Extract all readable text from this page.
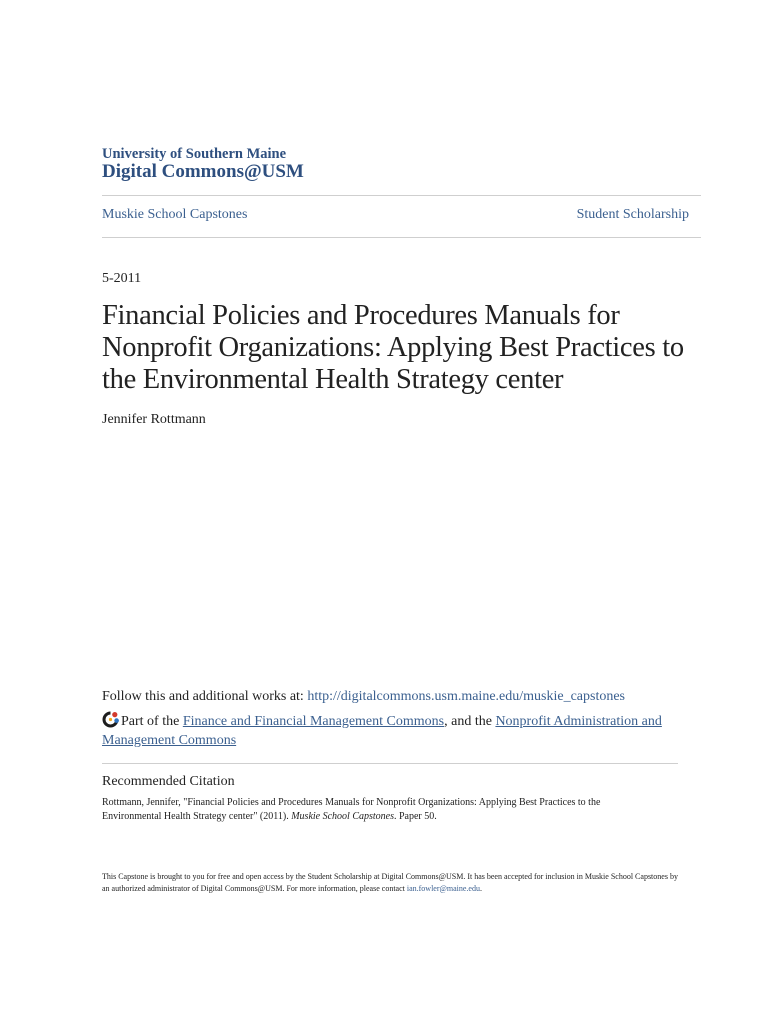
University of Southern Maine
Digital Commons@USM
Muskie School Capstones	Student Scholarship
5-2011
Financial Policies and Procedures Manuals for Nonprofit Organizations: Applying Best Practices to the Environmental Health Strategy center
Jennifer Rottmann
Follow this and additional works at: http://digitalcommons.usm.maine.edu/muskie_capstones
Part of the Finance and Financial Management Commons, and the Nonprofit Administration and Management Commons
Recommended Citation
Rottmann, Jennifer, "Financial Policies and Procedures Manuals for Nonprofit Organizations: Applying Best Practices to the Environmental Health Strategy center" (2011). Muskie School Capstones. Paper 50.
This Capstone is brought to you for free and open access by the Student Scholarship at Digital Commons@USM. It has been accepted for inclusion in Muskie School Capstones by an authorized administrator of Digital Commons@USM. For more information, please contact ian.fowler@maine.edu.
